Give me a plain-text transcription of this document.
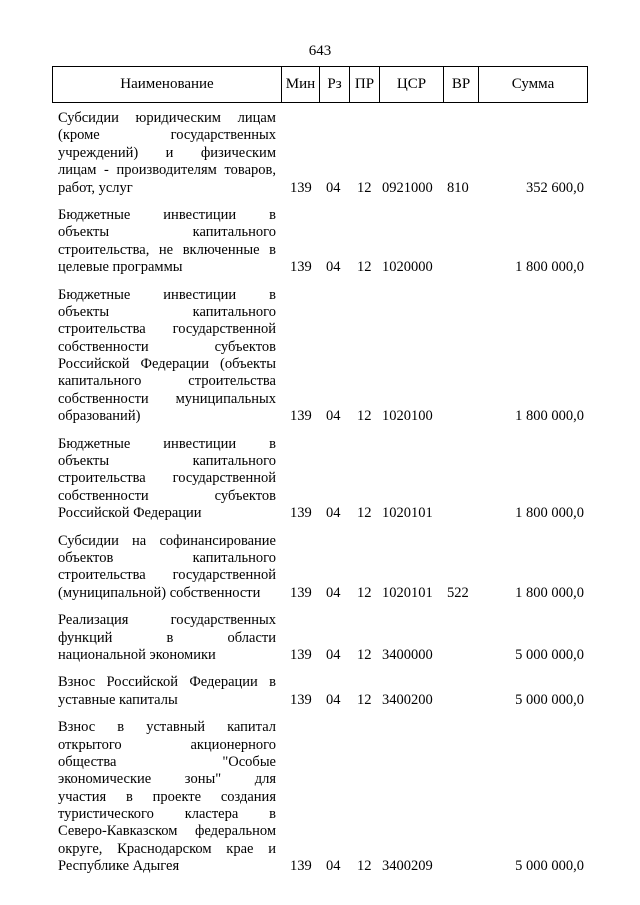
643
Наименование	Мин Рз ПР	ЦСР	ВР	Сумма
Субсидии юридическим лицам
(кроме государственных
учреждений) и физическим
лицам - производителям товаров,
работ, услуг	139 04 12 0921000 810	352 600,0
Бюджетные инвестиции в
объекты капитального
строительства, не включенные в
целевые программы	139 04 12 1020000	1 800 000,0
Бюджетные инвестиции в
объекты капитального
строительства государственной
собственности субъектов
Российской Федерации (объекты
капитального строительства
собственности муниципальных
образований)	139 04 12 1020100	1 800 000,0
Бюджетные инвестиции в
объекты капитального
строительства государственной
собственности субъектов
Российской Федерации	139 04 12 1020101	1 800 000,0
Субсидии на софинансирование
объектов капитального
строительства государственной
(муниципальной) собственности	139 04 12 1020101 522	1 800 000,0
Реализация государственных
функций в области
национальной экономики	139 04 12 3400000	5 000 000,0
Взнос Российской Федерации в
уставные капиталы	139 04 12 3400200	5 000 000,0
Взнос в уставный капитал
открытого акционерного
общества "Особые
экономические зоны" для
участия в проекте создания
туристического кластера в
Северо-Кавказском федеральном
округе, Краснодарском крае и
Республике Адыгея	139 04 12 3400209	5 000 000,0
